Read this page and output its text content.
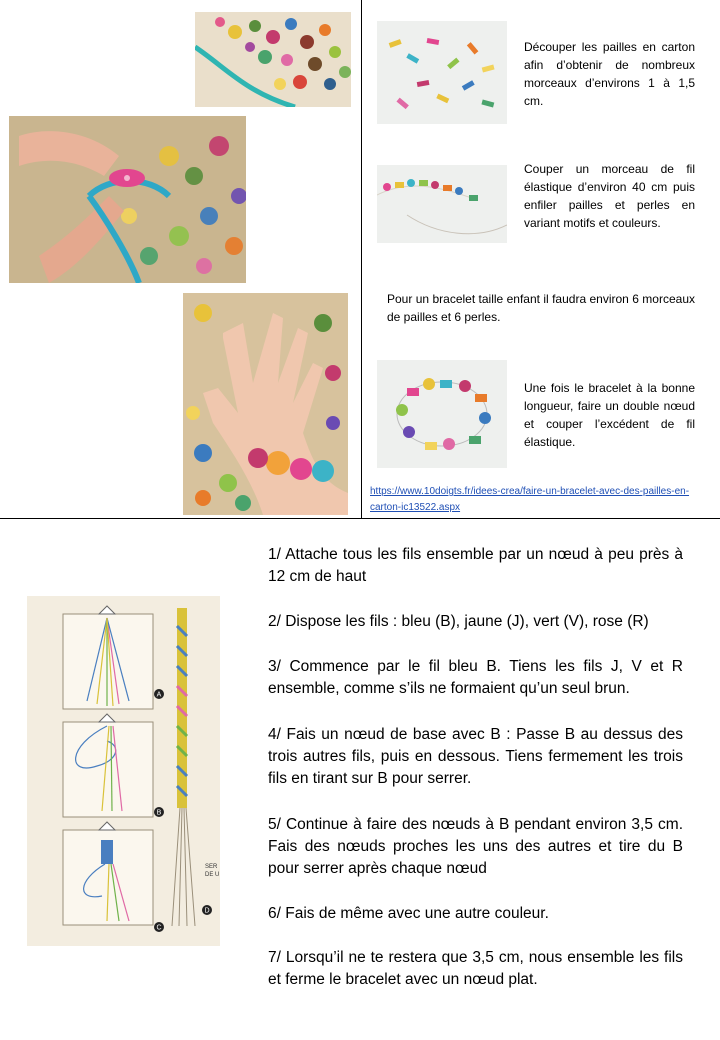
Découper les pailles en carton afin d’obtenir de nombreux morceaux d’environs 1 à 1,5 cm.

Couper un morceau de fil élastique d’environ 40 cm puis enfiler pailles et perles en variant motifs et couleurs.

Pour un bracelet taille enfant il faudra environ 6 morceaux de pailles et 6 perles.

Une fois le bracelet à la bonne longueur, faire un double nœud et couper l’excédent de fil élastique.

https://www.10doigts.fr/idees-crea/faire-un-bracelet-avec-des-pailles-en-carton-ic13522.aspx
A
B
C
D
SER
DE U

1/ Attache tous les fils ensemble par un nœud à peu près à 12 cm de haut

2/ Dispose les fils : bleu (B), jaune (J), vert (V), rose (R)

3/ Commence par le fil bleu B. Tiens les fils J, V et R ensemble, comme s’ils ne formaient qu’un seul brun.

4/ Fais un nœud de base avec B : Passe B au dessus des trois autres fils, puis en dessous. Tiens fermement les trois fils en tirant sur B pour serrer.

5/ Continue à faire des nœuds à B pendant environ 3,5 cm. Fais des nœuds proches les uns des autres et tire du B pour serrer après chaque nœud

6/ Fais de même avec une autre couleur.

7/ Lorsqu’il ne te restera que 3,5 cm, nous ensemble les fils et ferme le bracelet avec un nœud plat.
